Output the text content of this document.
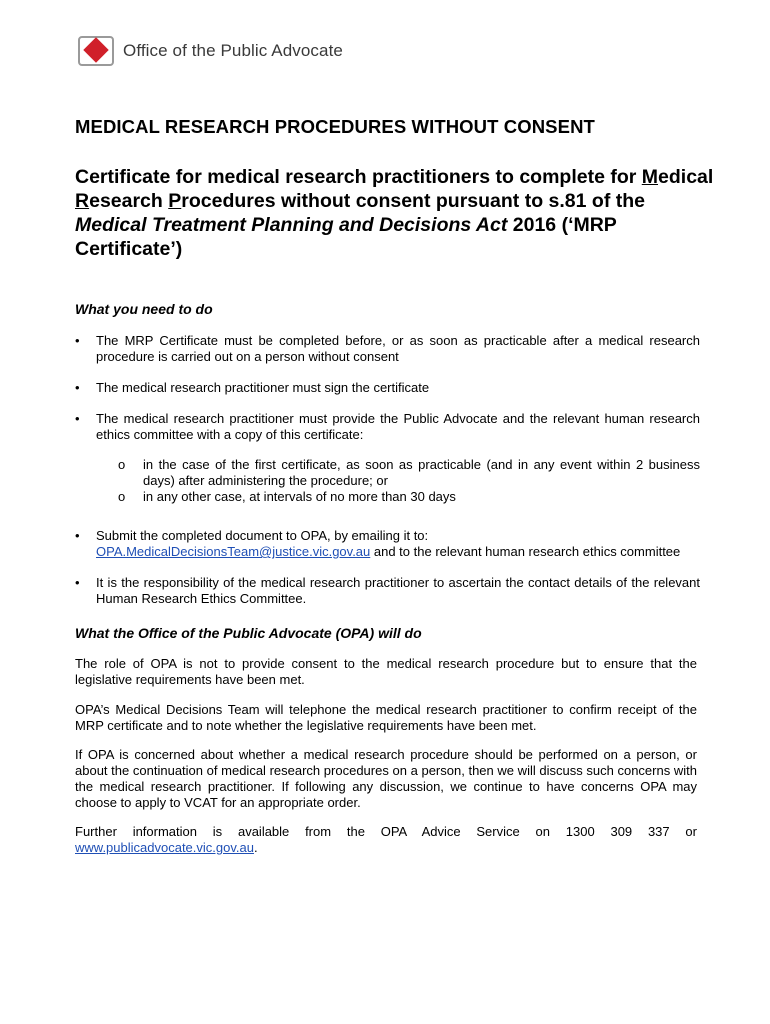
Office of the Public Advocate
MEDICAL RESEARCH PROCEDURES WITHOUT CONSENT
Certificate for medical research practitioners to complete for Medical Research Procedures without consent pursuant to s.81 of the Medical Treatment Planning and Decisions Act 2016 (‘MRP Certificate’)
What you need to do
• The MRP Certificate must be completed before, or as soon as practicable after a medical research procedure is carried out on a person without consent
• The medical research practitioner must sign the certificate
• The medical research practitioner must provide the Public Advocate and the relevant human research ethics committee with a copy of this certificate:
o in the case of the first certificate, as soon as practicable (and in any event within 2 business days) after administering the procedure; or
o in any other case, at intervals of no more than 30 days
• Submit the completed document to OPA, by emailing it to:
OPA.MedicalDecisionsTeam@justice.vic.gov.au and to the relevant human research ethics committee
• It is the responsibility of the medical research practitioner to ascertain the contact details of the relevant Human Research Ethics Committee.
What the Office of the Public Advocate (OPA) will do

The role of OPA is not to provide consent to the medical research procedure but to ensure that the legislative requirements have been met.

OPA’s Medical Decisions Team will telephone the medical research practitioner to confirm receipt of the MRP certificate and to note whether the legislative requirements have been met.

If OPA is concerned about whether a medical research procedure should be performed on a person, or about the continuation of medical research procedures on a person, then we will discuss such concerns with the medical research practitioner. If following any discussion, we continue to have concerns OPA may choose to apply to VCAT for an appropriate order.

Further information is available from the OPA Advice Service on 1300 309 337 or www.publicadvocate.vic.gov.au.
